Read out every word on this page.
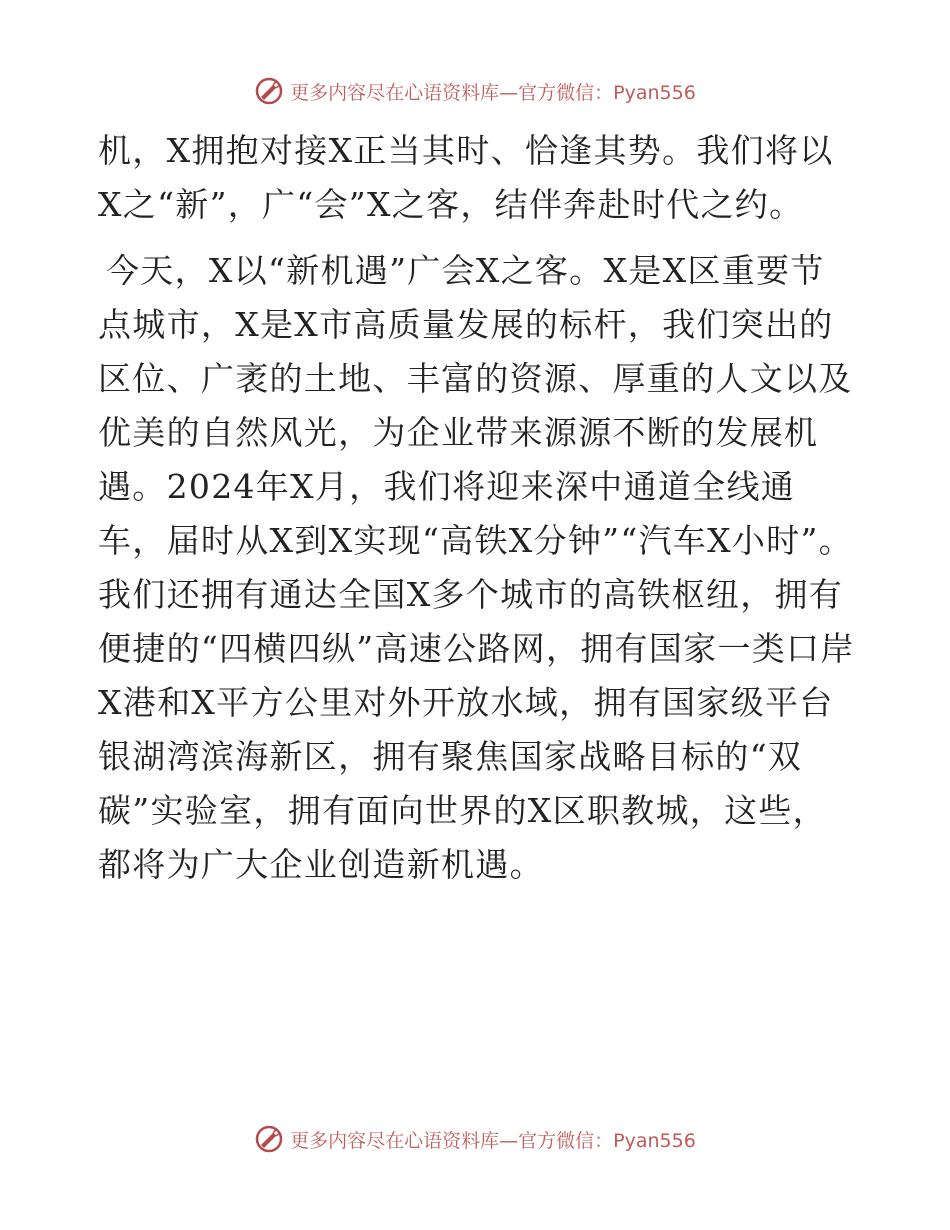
更多内容尽在心语资料库—官方微信：Pyan556

机，X拥抱对接X正当其时、恰逢其势。我们将以X之“新”，广“会”X之客，结伴奔赴时代之约。

今天，X以“新机遇”广会X之客。X是X区重要节点城市，X是X市高质量发展的标杆，我们突出的区位、广袤的土地、丰富的资源、厚重的人文以及优美的自然风光，为企业带来源源不断的发展机遇。2024年X月，我们将迎来深中通道全线通车，届时从X到X实现“高铁X分钟”“汽车X小时”。我们还拥有通达全国X多个城市的高铁枢纽，拥有便捷的“四横四纵”高速公路网，拥有国家一类口岸X港和X平方公里对外开放水域，拥有国家级平台银湖湾滨海新区，拥有聚焦国家战略目标的“双碳”实验室，拥有面向世界的X区职教城，这些，都将为广大企业创造新机遇。

更多内容尽在心语资料库—官方微信：Pyan556
